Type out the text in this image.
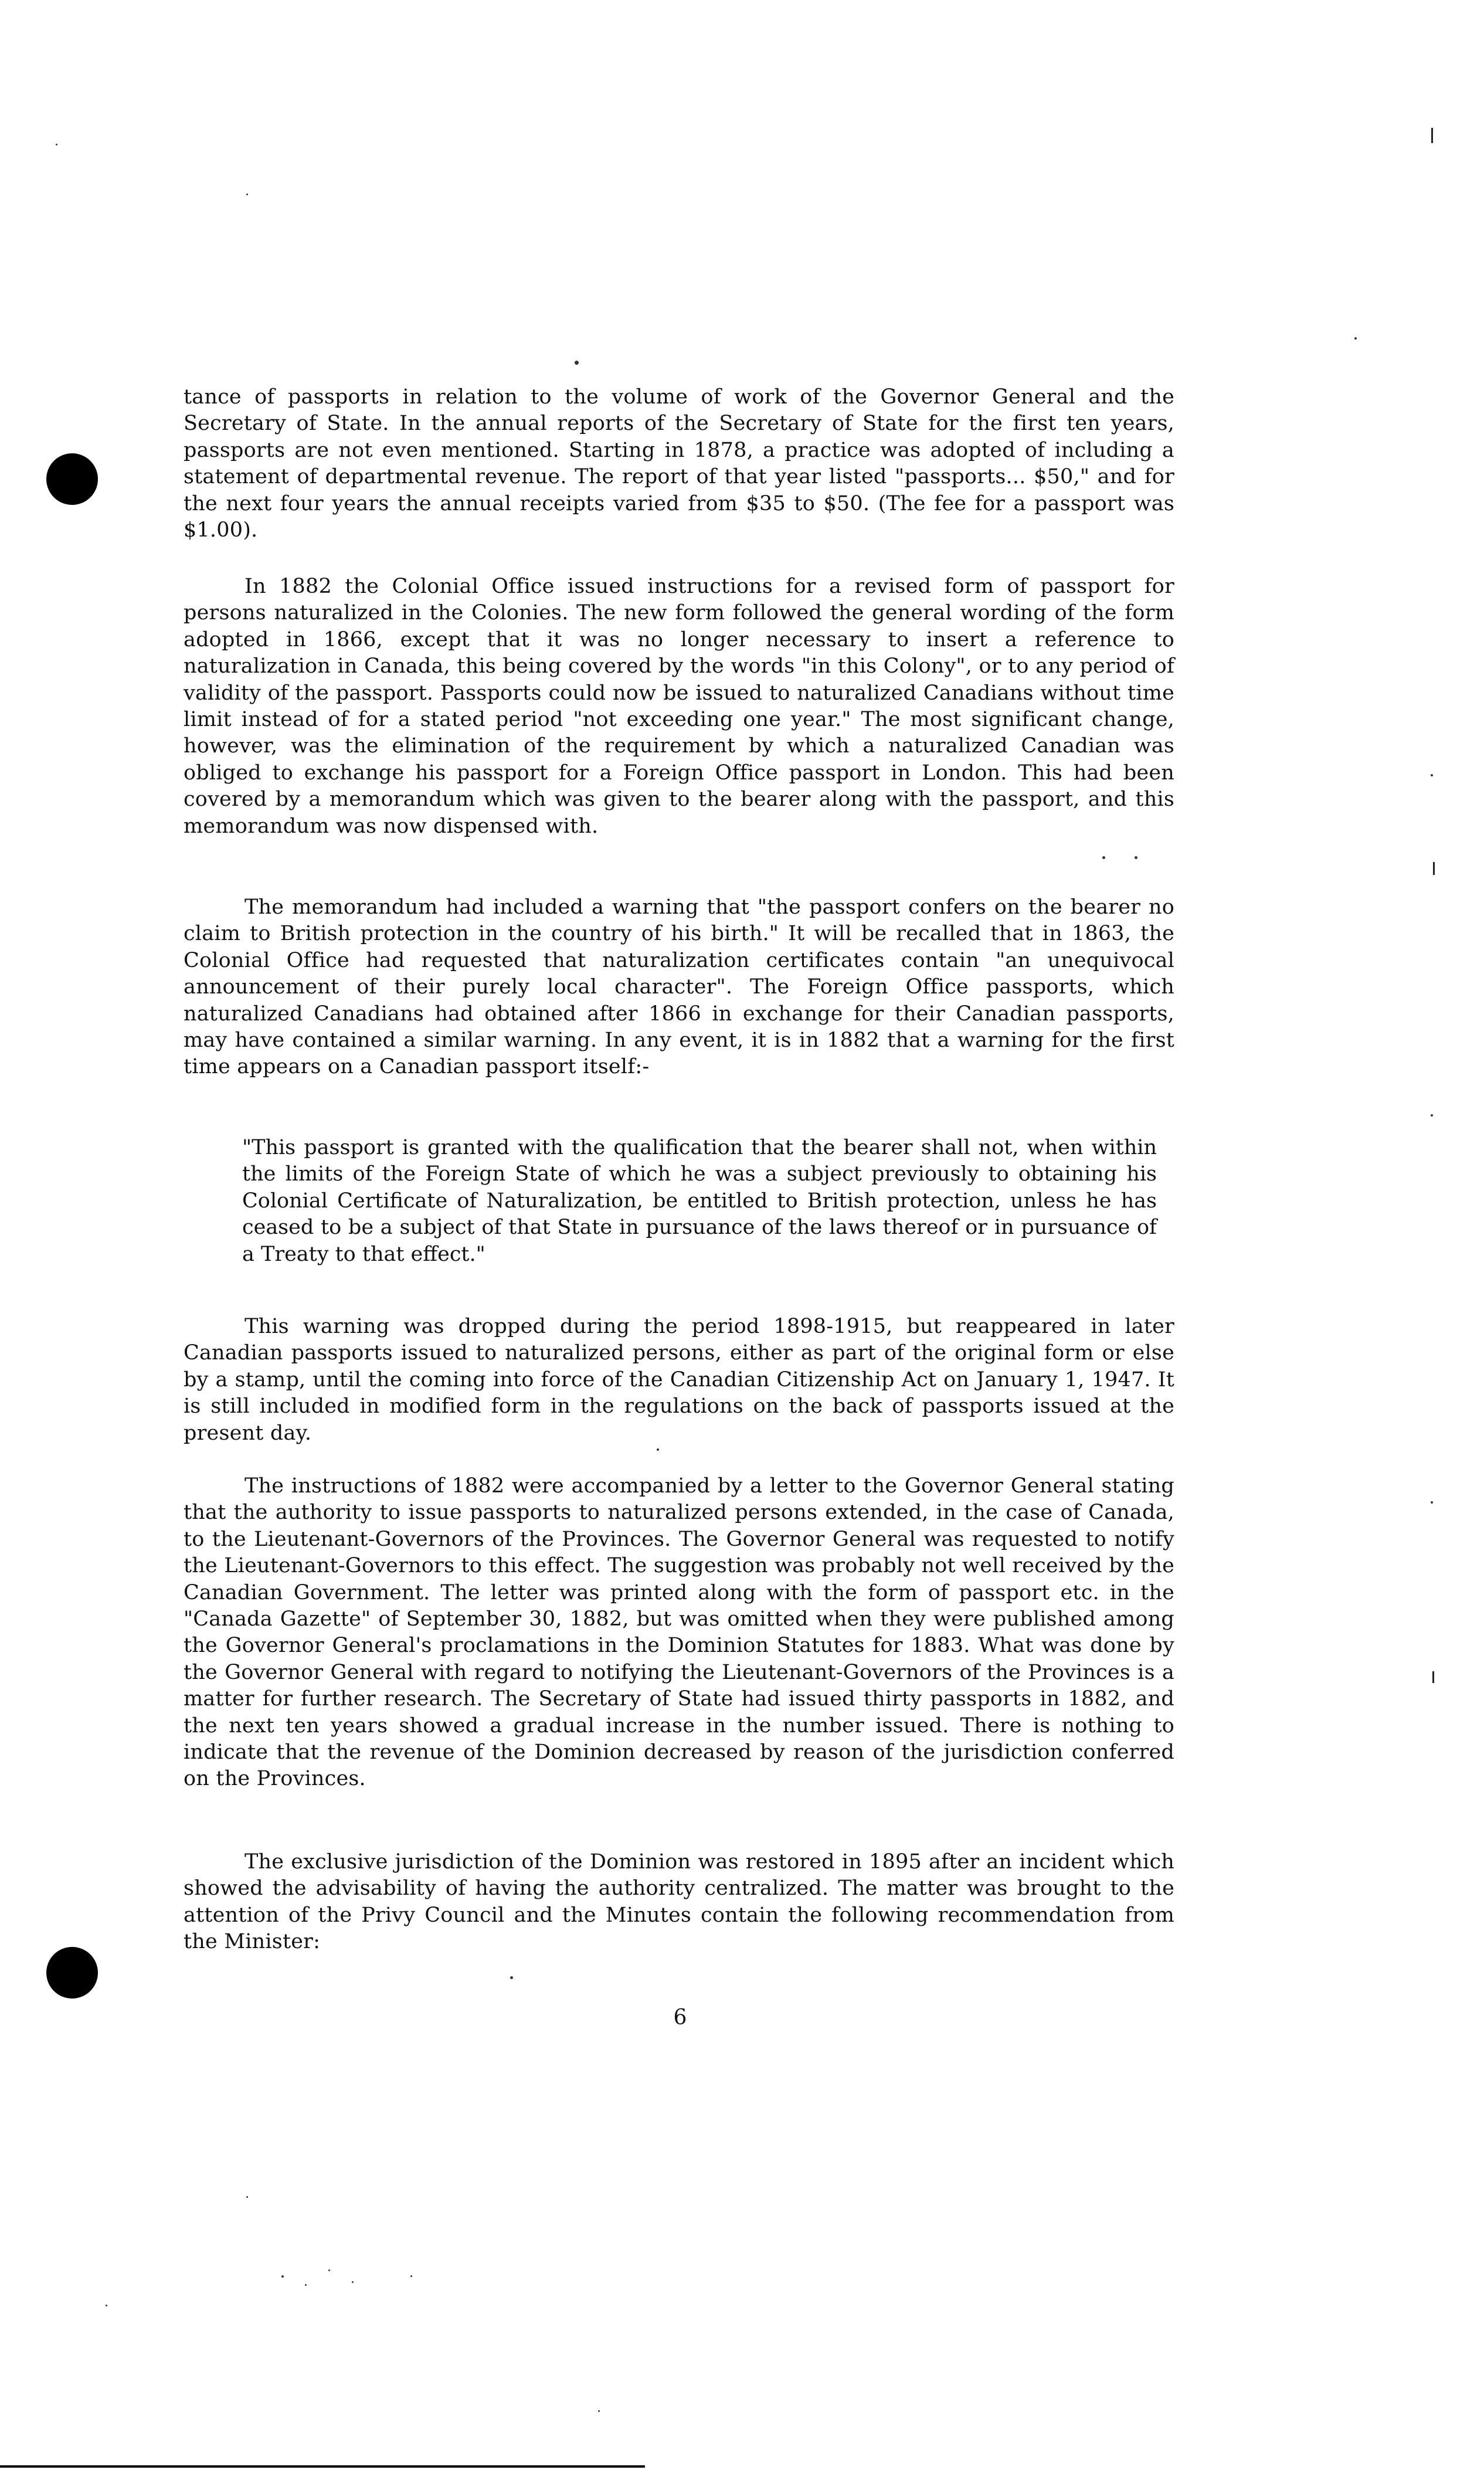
tance of passports in relation to the volume of work of the Governor General and the Secretary of State. In the annual reports of the Secretary of State for the first ten years, passports are not even mentioned. Starting in 1878, a practice was adopted of including a statement of departmental revenue. The report of that year listed "passports... $50," and for the next four years the annual receipts varied from $35 to $50. (The fee for a passport was $1.00).

In 1882 the Colonial Office issued instructions for a revised form of passport for persons naturalized in the Colonies. The new form followed the general wording of the form adopted in 1866, except that it was no longer necessary to insert a reference to naturalization in Canada, this being covered by the words "in this Colony", or to any period of validity of the passport. Passports could now be issued to naturalized Canadians without time limit instead of for a stated period "not exceeding one year." The most significant change, however, was the elimination of the requirement by which a naturalized Canadian was obliged to exchange his passport for a Foreign Office passport in London. This had been covered by a memorandum which was given to the bearer along with the passport, and this memorandum was now dispensed with.

The memorandum had included a warning that "the passport confers on the bearer no claim to British protection in the country of his birth." It will be recalled that in 1863, the Colonial Office had requested that naturalization certificates contain "an unequivocal announcement of their purely local character". The Foreign Office passports, which naturalized Canadians had obtained after 1866 in exchange for their Canadian passports, may have contained a similar warning. In any event, it is in 1882 that a warning for the first time appears on a Canadian passport itself:-

"This passport is granted with the qualification that the bearer shall not, when within the limits of the Foreign State of which he was a subject previously to obtaining his Colonial Certificate of Naturalization, be entitled to British protection, unless he has ceased to be a subject of that State in pursuance of the laws thereof or in pursuance of a Treaty to that effect."

This warning was dropped during the period 1898-1915, but reappeared in later Canadian passports issued to naturalized persons, either as part of the original form or else by a stamp, until the coming into force of the Canadian Citizenship Act on January 1, 1947. It is still included in modified form in the regulations on the back of passports issued at the present day.

The instructions of 1882 were accompanied by a letter to the Governor General stating that the authority to issue passports to naturalized persons extended, in the case of Canada, to the Lieutenant-Governors of the Provinces. The Governor General was requested to notify the Lieutenant-Governors to this effect. The suggestion was probably not well received by the Canadian Government. The letter was printed along with the form of passport etc. in the "Canada Gazette" of September 30, 1882, but was omitted when they were published among the Governor General's proclamations in the Dominion Statutes for 1883. What was done by the Governor General with regard to notifying the Lieutenant-Governors of the Provinces is a matter for further research. The Secretary of State had issued thirty passports in 1882, and the next ten years showed a gradual increase in the number issued. There is nothing to indicate that the revenue of the Dominion decreased by reason of the jurisdiction conferred on the Provinces.

The exclusive jurisdiction of the Dominion was restored in 1895 after an incident which showed the advisability of having the authority centralized. The matter was brought to the attention of the Privy Council and the Minutes contain the following recommendation from the Minister:

6
